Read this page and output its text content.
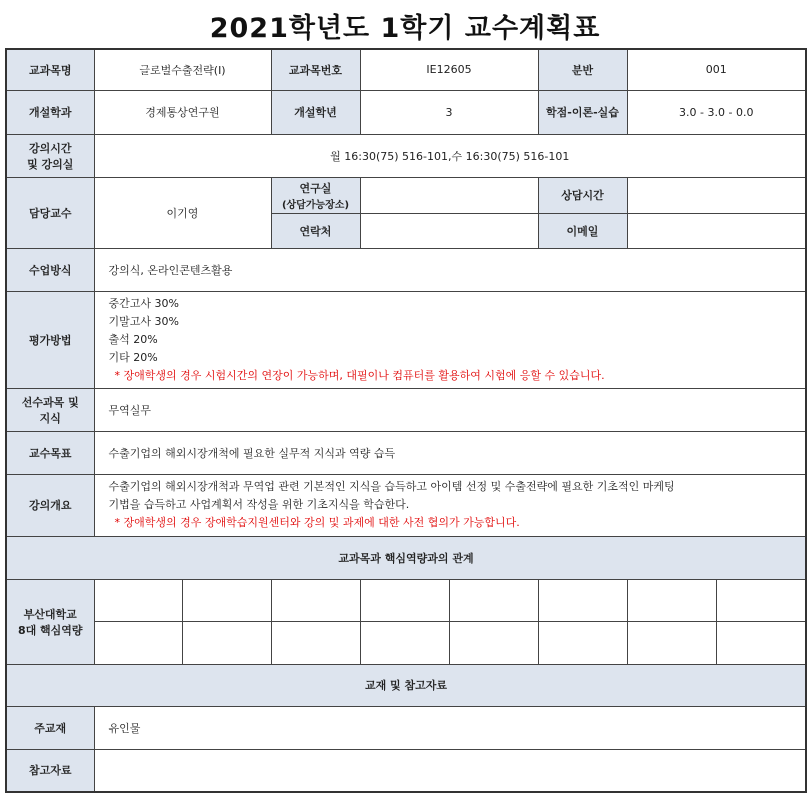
2021학년도 1학기 교수계획표
교과목명	글로벌수출전략(I)		교과목번호	IE12605		분반	001	
개설학과	경제통상연구원		개설학년	3		학점-이론-실습	3.0 - 3.0 - 0.0	

강의시간
및 강의실	월 16:30(75) 516-101,수 16:30(75) 516-101							
담당교수	이기영		연구실
(상담가능장소)			상담시간		
			연락처			이메일		
수업방식	강의식, 온라인콘텐츠활용							
평가방법	중간고사 30%
기말고사 30%
출석 20%
기타 20%
* 장애학생의 경우 시험시간의 연장이 가능하며, 대필이나 컴퓨터를 활용하여 시험에 응할 수 있습니다.							

선수과목 및
지식	무역실무							
교수목표	수출기업의 해외시장개척에 필요한 실무적 지식과 역량 습득							
강의개요	수출기업의 해외시장개척과 무역업 관련 기본적인 지식을 습득하고 아이템 선정 및 수출전략에 필요한 기초적인 마케팅
기법을 습득하고 사업계획서 작성을 위한 기초지식을 학습한다.
* 장애학생의 경우 장애학습지원센터와 강의 및 과제에 대한 사전 협의가 가능합니다.							

교과목과 핵심역량과의 관계								

부산대학교
8대 핵심역량								

교재 및 참고자료								
주교재	유인물							
참고자료								
